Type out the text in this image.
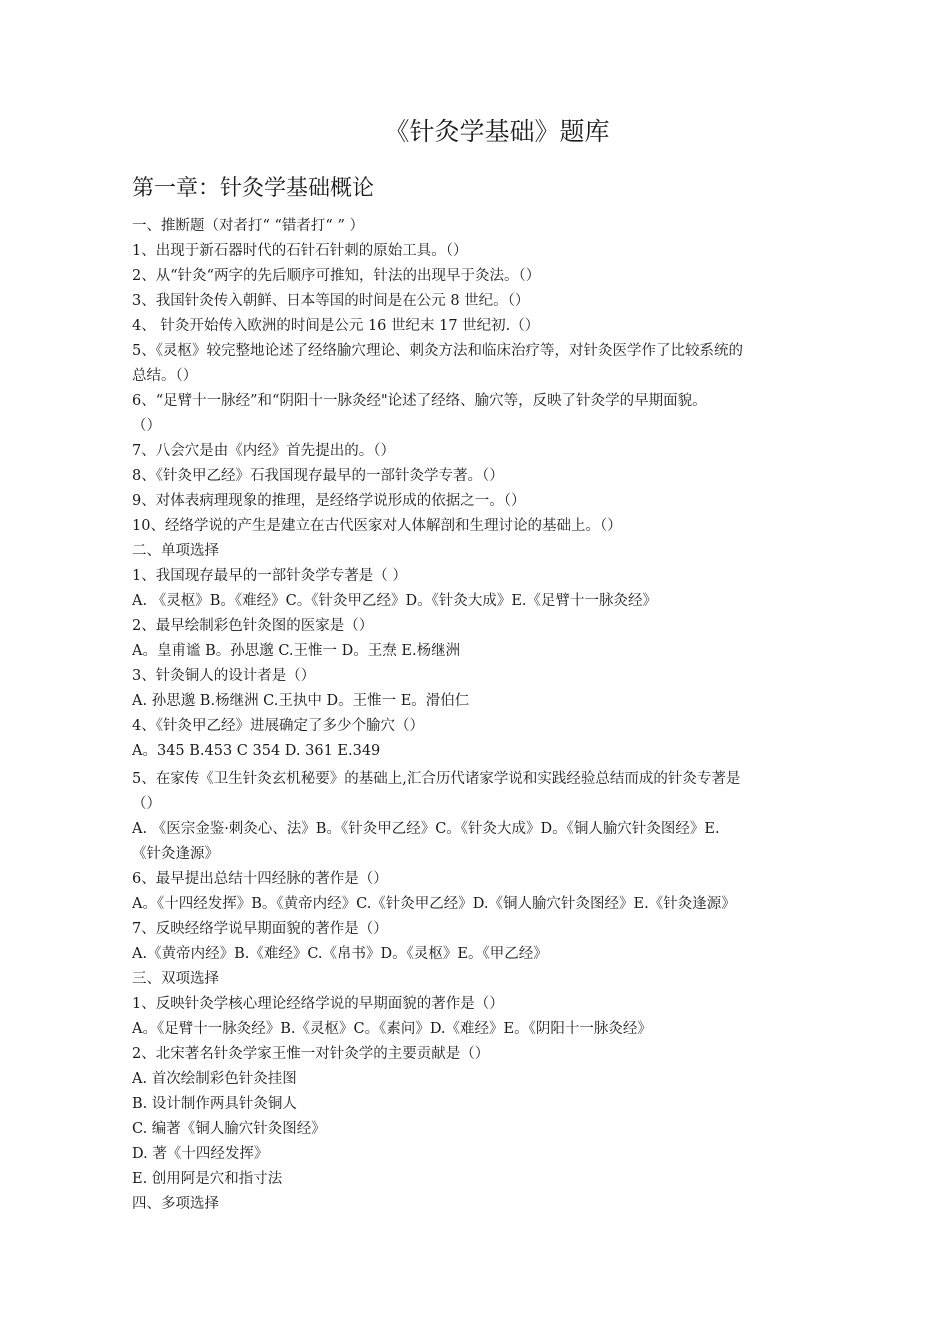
《针灸学基础》题库
第一章：针灸学基础概论
一、推断题（对者打“ “错者打“ ” ）
1、出现于新石器时代的石针石针刺的原始工具。（）
2、从“针灸“两字的先后顺序可推知，针法的出现早于灸法。（）
3、我国针灸传入朝鲜、日本等国的时间是在公元 8 世纪。（）
4、 针灸开始传入欧洲的时间是公元 16 世纪末 17 世纪初.（）
5、《灵枢》较完整地论述了经络腧穴理论、刺灸方法和临床治疗等，对针灸医学作了比较系统的
总结。（）
6、“足臂十一脉经”和“阴阳十一脉灸经"论述了经络、腧穴等，反映了针灸学的早期面貌。
（）
7、八会穴是由《内经》首先提出的。（）
8、《针灸甲乙经》石我国现存最早的一部针灸学专著。（）
9、对体表病理现象的推理，是经络学说形成的依据之一。（）
10、经络学说的产生是建立在古代医家对人体解剖和生理讨论的基础上。（）
二、单项选择
1、我国现存最早的一部针灸学专著是（ ）
A. 《灵枢》B。《难经》C。《针灸甲乙经》D。《针灸大成》E.《足臂十一脉灸经》
2、最早绘制彩色针灸图的医家是（）
A。皇甫谧 B。孙思邈 C.王惟一 D。王焘 E.杨继洲
3、针灸铜人的设计者是（）
A. 孙思邈 B.杨继洲 C.王执中 D。王惟一 E。滑伯仁
4、《针灸甲乙经》进展确定了多少个腧穴（）
A。345 B.453 C 354 D. 361 E.349
5、在家传《卫生针灸玄机秘要》的基础上,汇合历代诸家学说和实践经验总结而成的针灸专著是
（）
A. 《医宗金鉴·刺灸心、法》B。《针灸甲乙经》C。《针灸大成》D。《铜人腧穴针灸图经》E.
《针灸逢源》
6、最早提出总结十四经脉的著作是（）
A。《十四经发挥》B。《黄帝内经》C.《针灸甲乙经》D.《铜人腧穴针灸图经》E.《针灸逢源》
7、反映经络学说早期面貌的著作是（）
A.《黄帝内经》B.《难经》C.《帛书》D。《灵枢》E。《甲乙经》
三、双项选择
1、反映针灸学核心理论经络学说的早期面貌的著作是（）
A。《足臂十一脉灸经》B.《灵枢》C。《素问》D.《难经》E。《阴阳十一脉灸经》
2、北宋著名针灸学家王惟一对针灸学的主要贡献是（）
A. 首次绘制彩色针灸挂图
B. 设计制作两具针灸铜人
C. 编著《铜人腧穴针灸图经》
D. 著《十四经发挥》
E. 创用阿是穴和指寸法
四、多项选择
